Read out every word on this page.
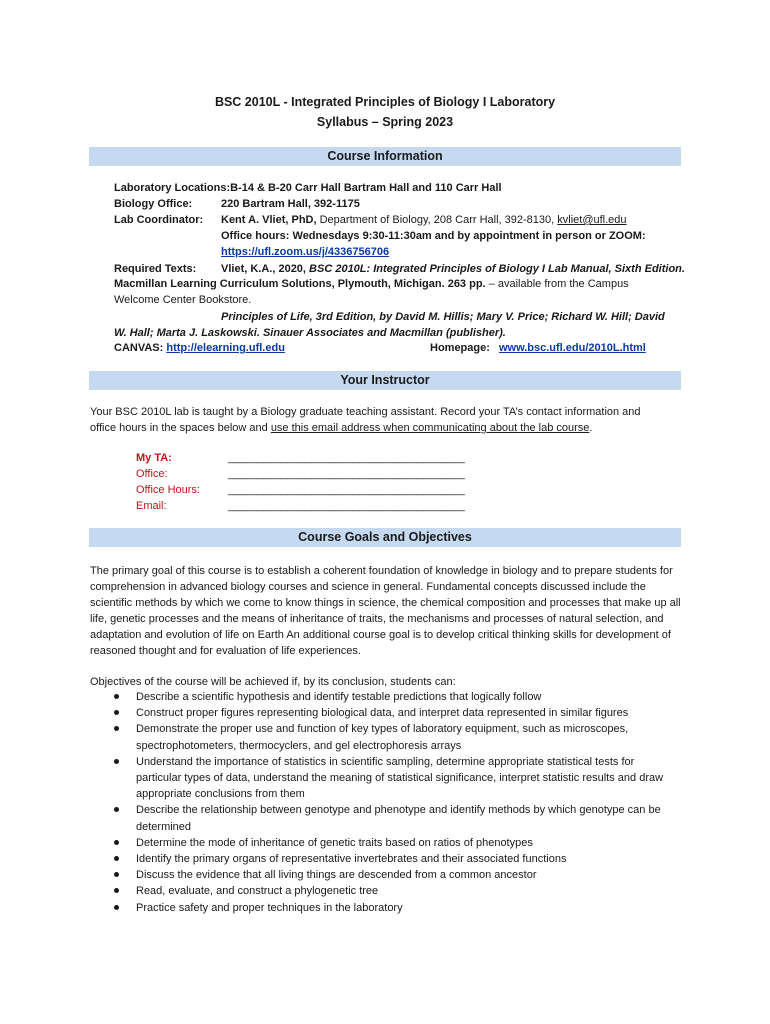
BSC 2010L - Integrated Principles of Biology I Laboratory
Syllabus – Spring 2023
Course Information
Laboratory Locations:B-14 & B-20 Carr Hall Bartram Hall and 110 Carr Hall
Biology Office:	220 Bartram Hall, 392-1175
Lab Coordinator: Kent A. Vliet, PhD, Department of Biology, 208 Carr Hall, 392-8130, kvliet@ufl.edu
Office hours: Wednesdays 9:30-11:30am and by appointment in person or ZOOM:
https://ufl.zoom.us/j/4336756706
Required Texts: Vliet, K.A., 2020, BSC 2010L: Integrated Principles of Biology I Lab Manual, Sixth Edition.
Macmillan Learning Curriculum Solutions, Plymouth, Michigan. 263 pp. – available from the Campus
Welcome Center Bookstore.
Principles of Life, 3rd Edition, by David M. Hillis; Mary V. Price; Richard W. Hill; David
W. Hall; Marta J. Laskowski. Sinauer Associates and Macmillan (publisher).
CANVAS: http://elearning.ufl.edu	Homepage: www.bsc.ufl.edu/2010L.html
Your Instructor
Your BSC 2010L lab is taught by a Biology graduate teaching assistant. Record your TA’s contact information and
office hours in the spaces below and use this email address when communicating about the lab course.
My TA:
Office:
Office Hours:
Email:
________________________________________
________________________________________
________________________________________
________________________________________
Course Goals and Objectives
The primary goal of this course is to establish a coherent foundation of knowledge in biology and to prepare students for comprehension in advanced biology courses and science in general. Fundamental concepts discussed include the scientific methods by which we come to know things in science, the chemical composition and processes that make up all life, genetic processes and the means of inheritance of traits, the mechanisms and processes of natural selection, and adaptation and evolution of life on Earth An additional course goal is to develop critical thinking skills for development of reasoned thought and for evaluation of life experiences.
Objectives of the course will be achieved if, by its conclusion, students can:
Describe a scientific hypothesis and identify testable predictions that logically follow
Construct proper figures representing biological data, and interpret data represented in similar figures
Demonstrate the proper use and function of key types of laboratory equipment, such as microscopes, spectrophotometers, thermocyclers, and gel electrophoresis arrays
Understand the importance of statistics in scientific sampling, determine appropriate statistical tests for particular types of data, understand the meaning of statistical significance, interpret statistic results and draw appropriate conclusions from them
Describe the relationship between genotype and phenotype and identify methods by which genotype can be determined
Determine the mode of inheritance of genetic traits based on ratios of phenotypes
Identify the primary organs of representative invertebrates and their associated functions
Discuss the evidence that all living things are descended from a common ancestor
Read, evaluate, and construct a phylogenetic tree
Practice safety and proper techniques in the laboratory
